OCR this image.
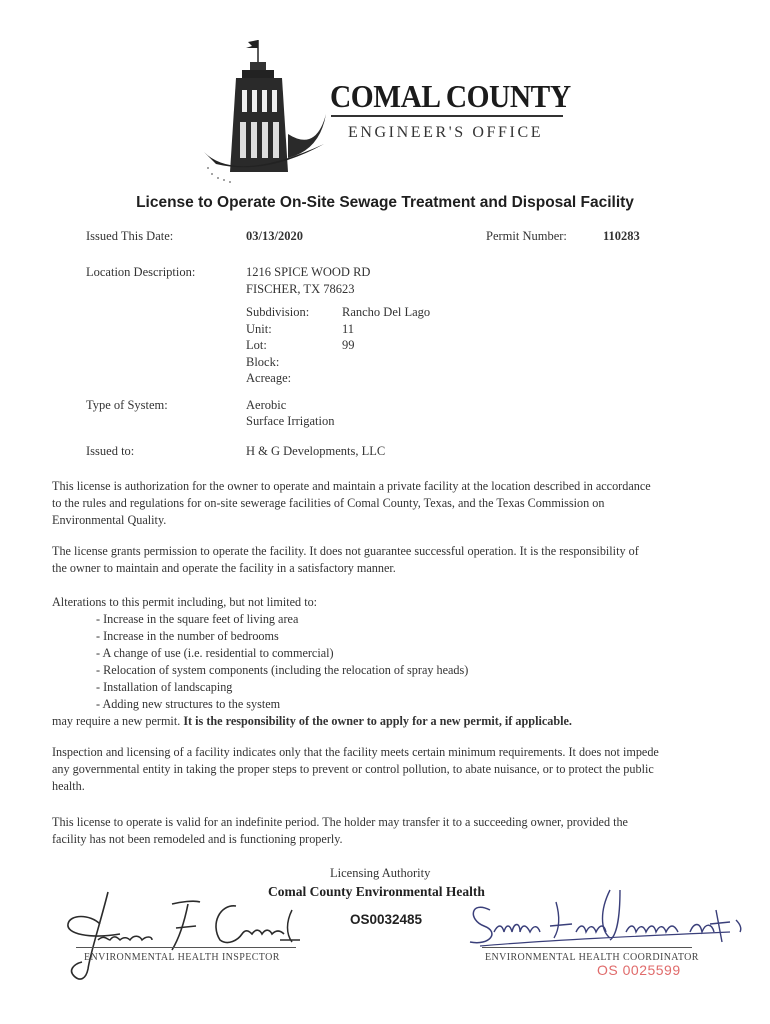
COMAL COUNTY
ENGINEER'S OFFICE
License to Operate On-Site Sewage Treatment and Disposal Facility
Issued This Date:	03/13/2020	Permit Number:	110283
Location Description:	1216 SPICE WOOD RD
FISCHER, TX 78623
Subdivision:	Rancho Del Lago
Unit:	11
Lot:	99
Block:
Acreage:
Type of System:	Aerobic
Surface Irrigation
Issued to:	H & G Developments, LLC
This license is authorization for the owner to operate and maintain a private facility at the location described in accordance to the rules and regulations for on-site sewerage facilities of Comal County, Texas, and the Texas Commission on Environmental Quality.
The license grants permission to operate the facility. It does not guarantee successful operation. It is the responsibility of the owner to maintain and operate the facility in a satisfactory manner.
Alterations to this permit including, but not limited to:
- Increase in the square feet of living area
- Increase in the number of bedrooms
- A change of use (i.e. residential to commercial)
- Relocation of system components (including the relocation of spray heads)
- Installation of landscaping
- Adding new structures to the system
may require a new permit. It is the responsibility of the owner to apply for a new permit, if applicable.
Inspection and licensing of a facility indicates only that the facility meets certain minimum requirements. It does not impede any governmental entity in taking the proper steps to prevent or control pollution, to abate nuisance, or to protect the public health.
This license to operate is valid for an indefinite period. The holder may transfer it to a succeeding owner, provided the facility has not been remodeled and is functioning properly.
Licensing Authority
Comal County Environmental Health
OS0032485
ENVIRONMENTAL HEALTH INSPECTOR	ENVIRONMENTAL HEALTH COORDINATOR
OS 0025599
